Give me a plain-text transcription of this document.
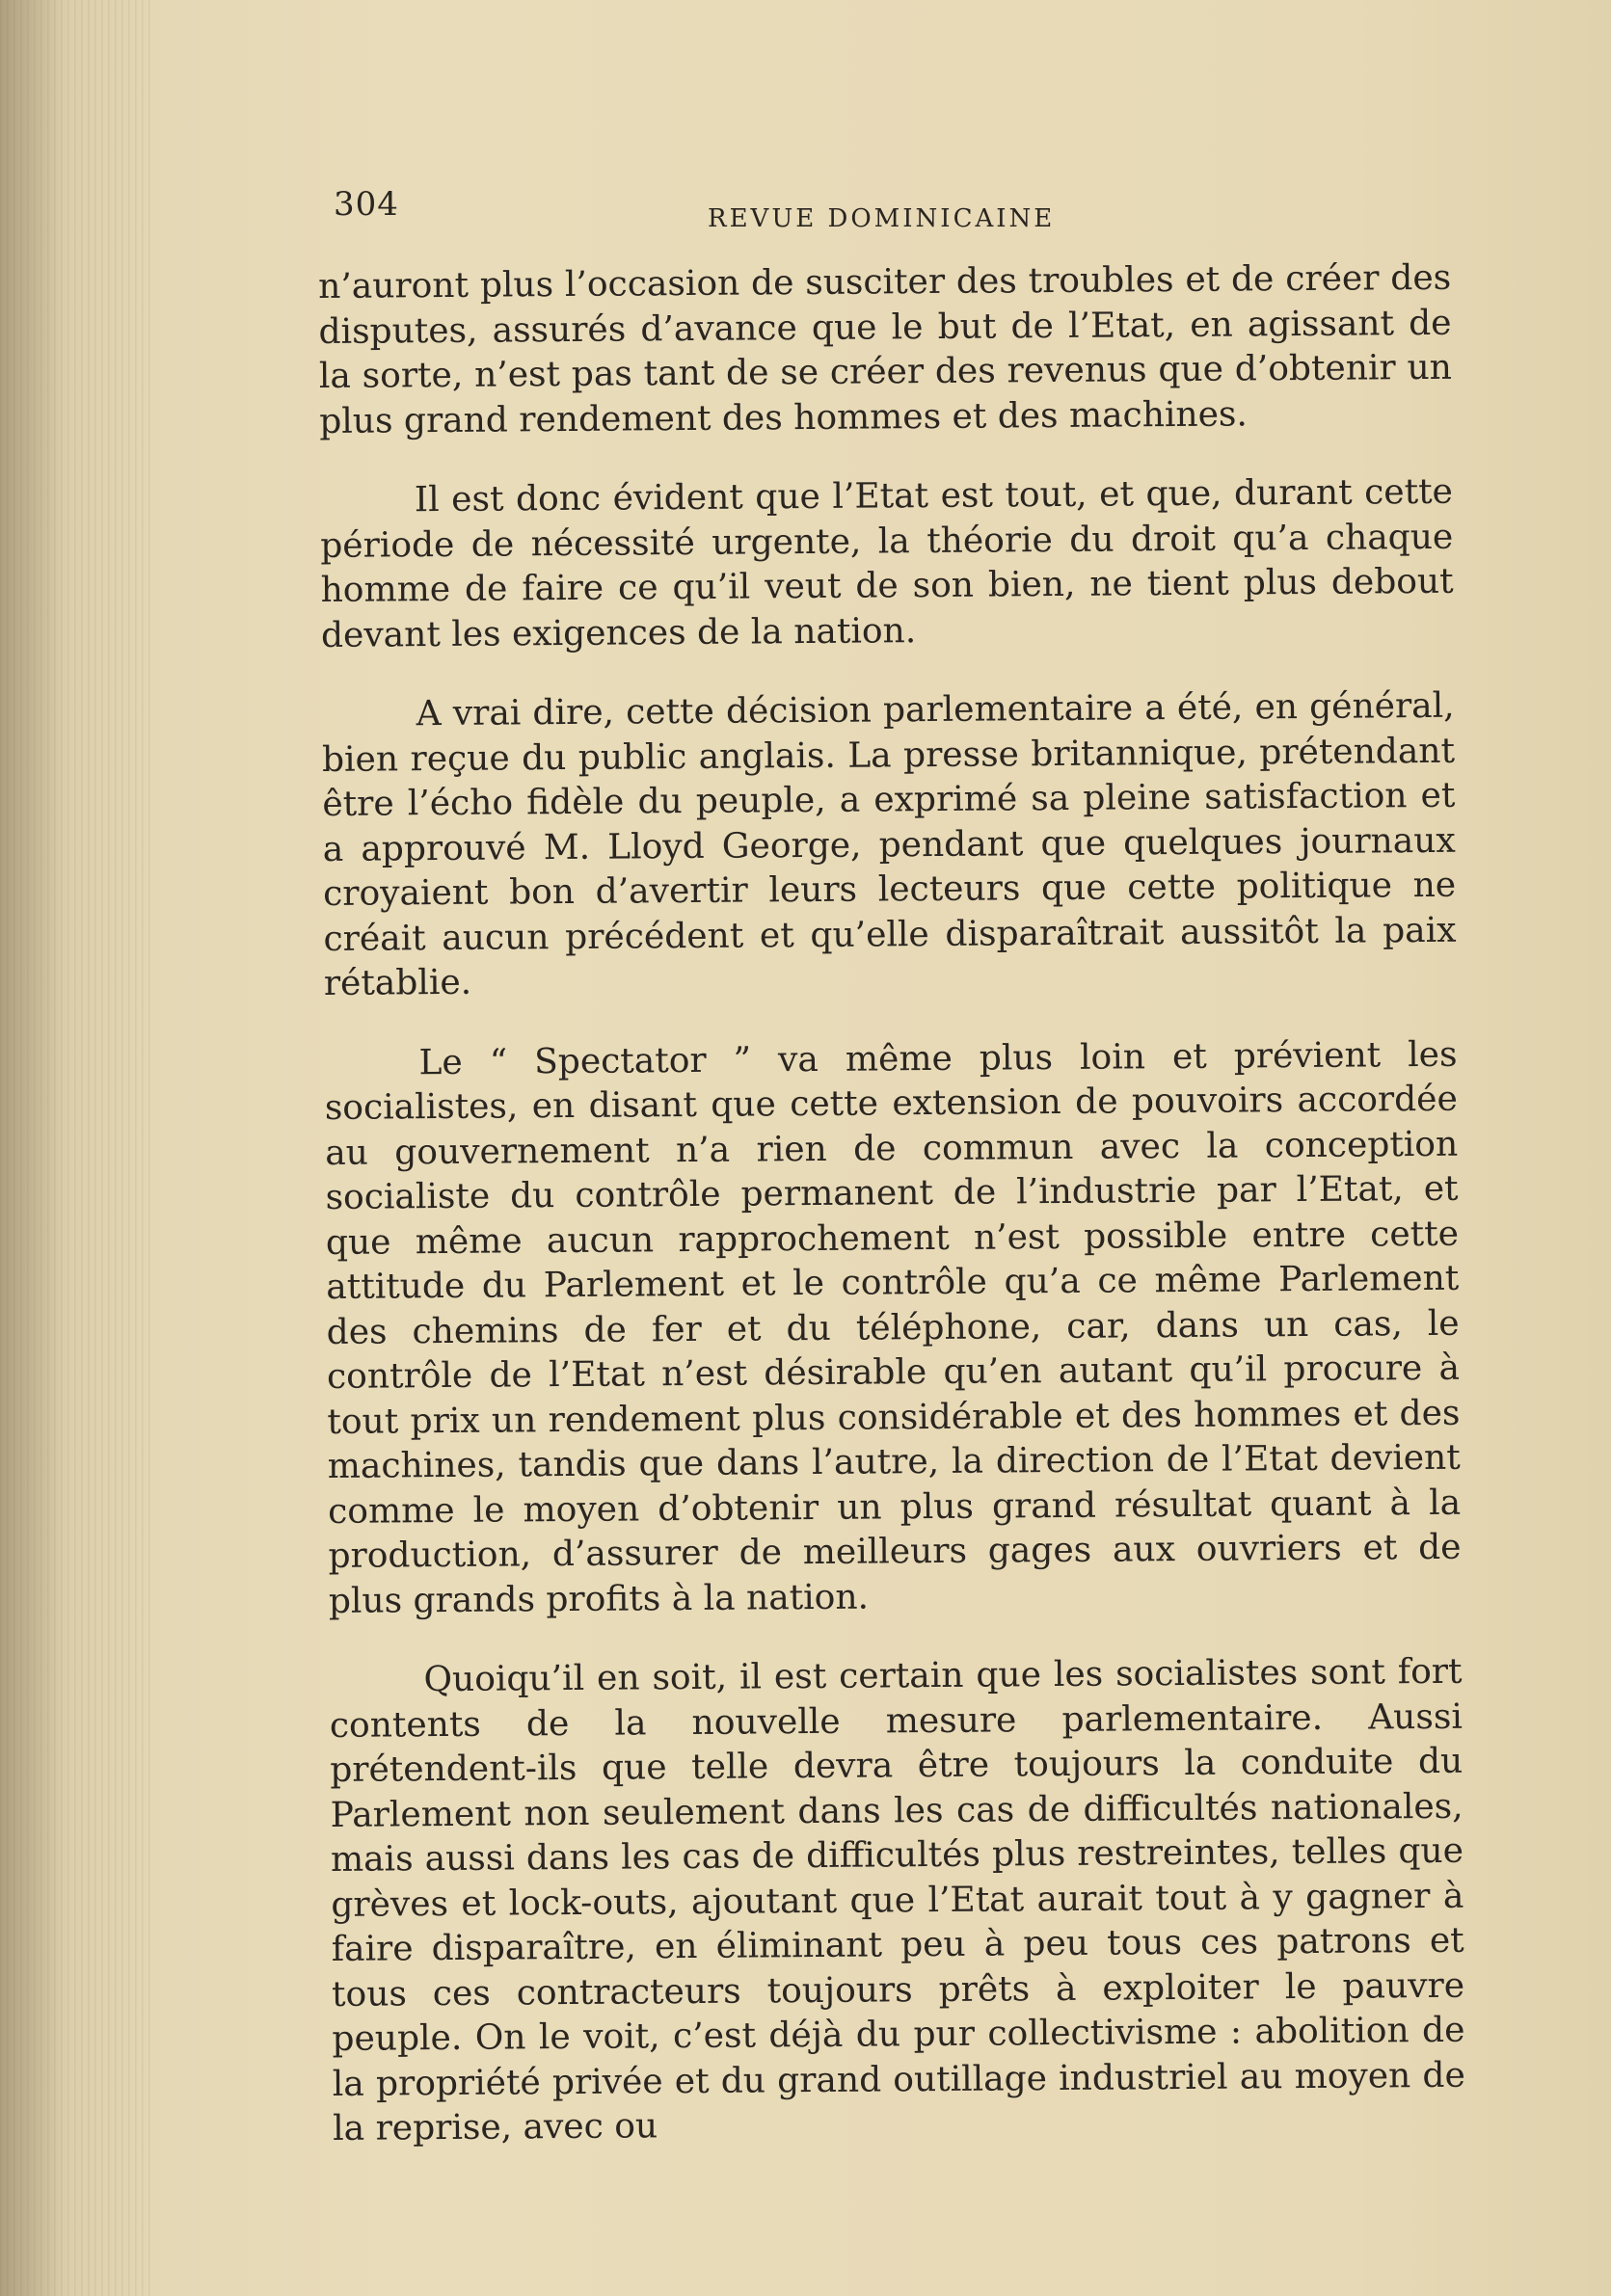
304	REVUE DOMINICAINE

n’auront plus l’occasion de susciter des troubles et de créer des disputes, assurés d’avance que le but de l’Etat, en agissant de la sorte, n’est pas tant de se créer des revenus que d’obtenir un plus grand rendement des hommes et des machines.

Il est donc évident que l’Etat est tout, et que, durant cette période de nécessité urgente, la théorie du droit qu’a chaque homme de faire ce qu’il veut de son bien, ne tient plus debout devant les exigences de la nation.

A vrai dire, cette décision parlementaire a été, en général, bien reçue du public anglais. La presse britannique, prétendant être l’écho fidèle du peuple, a exprimé sa pleine satisfaction et a approuvé M. Lloyd George, pendant que quelques journaux croyaient bon d’avertir leurs lecteurs que cette politique ne créait aucun précédent et qu’elle disparaîtrait aussitôt la paix rétablie.

Le “ Spectator ” va même plus loin et prévient les socialistes, en disant que cette extension de pouvoirs accordée au gouvernement n’a rien de commun avec la conception socialiste du contrôle permanent de l’industrie par l’Etat, et que même aucun rapprochement n’est possible entre cette attitude du Parlement et le contrôle qu’a ce même Parlement des chemins de fer et du téléphone, car, dans un cas, le contrôle de l’Etat n’est désirable qu’en autant qu’il procure à tout prix un rendement plus considérable et des hommes et des machines, tandis que dans l’autre, la direction de l’Etat devient comme le moyen d’obtenir un plus grand résultat quant à la production, d’assurer de meilleurs gages aux ouvriers et de plus grands profits à la nation.

Quoiqu’il en soit, il est certain que les socialistes sont fort contents de la nouvelle mesure parlementaire. Aussi prétendent-ils que telle devra être toujours la conduite du Parlement non seulement dans les cas de difficultés nationales, mais aussi dans les cas de difficultés plus restreintes, telles que grèves et lock-outs, ajoutant que l’Etat aurait tout à y gagner à faire disparaître, en éliminant peu à peu tous ces patrons et tous ces contracteurs toujours prêts à exploiter le pauvre peuple. On le voit, c’est déjà du pur collectivisme : abolition de la propriété privée et du grand outillage industriel au moyen de la reprise, avec ou
